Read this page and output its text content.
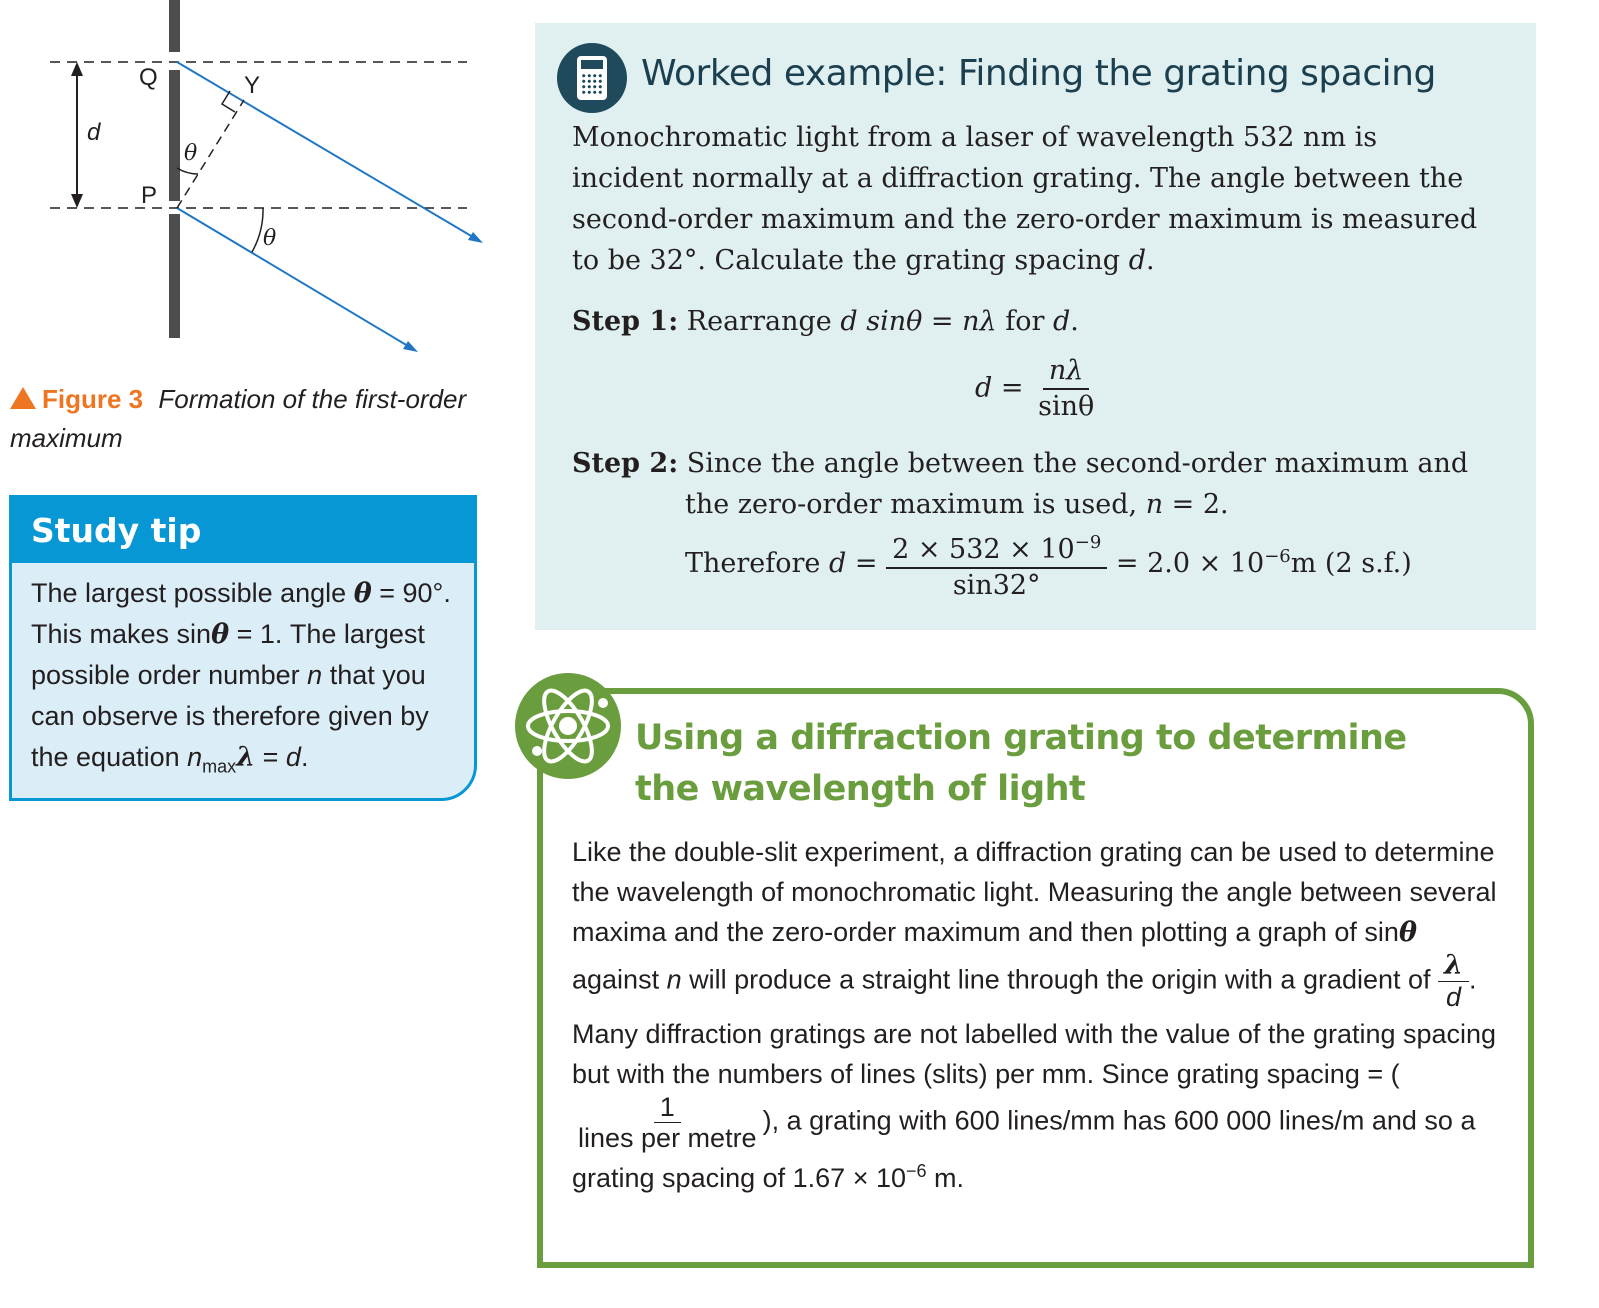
Q	Y
d
θ
P
θ
Figure 3 Formation of the first-order maximum
Study tip
The largest possible angle θ = 90°. This makes sinθ = 1. The largest possible order number n that you can observe is therefore given by the equation $n_{max}\lambda = d$.
Worked example: Finding the grating spacing
Monochromatic light from a laser of wavelength 532 nm is incident normally at a diffraction grating. The angle between the second-order maximum and the zero-order maximum is measured to be 32°. Calculate the grating spacing d.
Step 1: Rearrange d sinθ = nλ for d.
$d = \frac{n\lambda}{\sin\theta}$
Step 2: Since the angle between the second-order maximum and
the zero-order maximum is used, n = 2.
Therefore $d = \frac{2 \times 532 \times 10^{-9}}{\sin 32^\circ} = 2.0 \times 10^{-6}m$ (2 s.f.)
Using a diffraction grating to determine the wavelength of light

Like the double-slit experiment, a diffraction grating can be used to determine the wavelength of monochromatic light. Measuring the angle between several maxima and the zero-order maximum and then plotting a graph of sinθ against n will produce a straight line through the origin with a gradient of $\frac{\lambda}{d}$ .

Many diffraction gratings are not labelled with the value of the grating spacing but with the numbers of lines (slits) per mm. Since grating spacing = (
$\frac{1}{\text{lines per metre}}$ ), a grating with 600 lines/mm has 600 000 lines/m and so a grating spacing of $1.67 \times 10^{-6}$ m.
